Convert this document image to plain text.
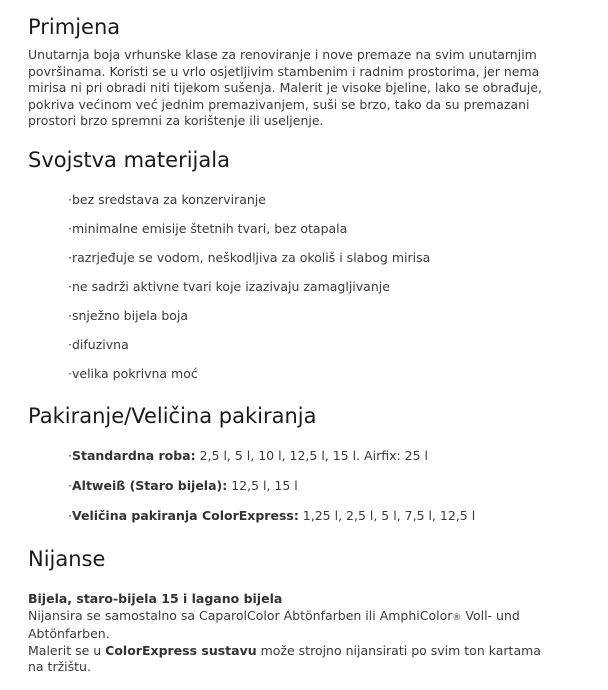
Primjena

Unutarnja boja vrhunske klase za renoviranje i nove premaze na svim unutarnjim
površinama. Koristi se u vrlo osjetljivim stambenim i radnim prostorima, jer nema
mirisa ni pri obradi niti tijekom sušenja. Malerit je visoke bjeline, lako se obrađuje,
pokriva većinom već jednim premazivanjem, suši se brzo, tako da su premazani
prostori brzo spremni za korištenje ili useljenje.

Svojstva materijala
·bez sredstava za konzerviranje
·minimalne emisije štetnih tvari, bez otapala
·razrjeđuje se vodom, neškodljiva za okoliš i slabog mirisa
·ne sadrži aktivne tvari koje izazivaju zamagljivanje
·snježno bijela boja
·difuzivna
·velika pokrivna moć
Pakiranje/Veličina pakiranja
·Standardna roba: 2,5 l, 5 l, 10 l, 12,5 l, 15 l. Airfix: 25 l
·Altweiß (Staro bijela): 12,5 l, 15 l
·Veličina pakiranja ColorExpress: 1,25 l, 2,5 l, 5 l, 7,5 l, 12,5 l
Nijanse

Bijela, staro-bijela 15 i lagano bijela
Nijansira se samostalno sa CaparolColor Abtönfarben ili AmphiColor® Voll- und
Abtönfarben.
Malerit se u ColorExpress sustavu može strojno nijansirati po svim ton kartama
na tržištu.
